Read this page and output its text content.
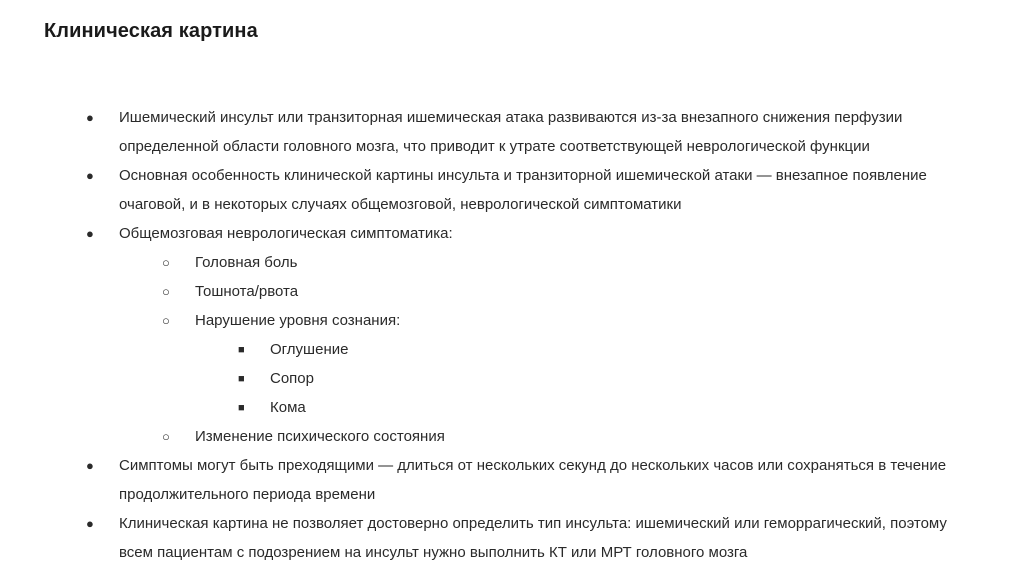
Клиническая картина
● Ишемический инсульт или транзиторная ишемическая атака развиваются из-за внезапного снижения перфузии
определенной области головного мозга, что приводит к утрате соответствующей неврологической функции
● Основная особенность клинической картины инсульта и транзиторной ишемической атаки — внезапное появление
очаговой, и в некоторых случаях общемозговой, неврологической симптоматики
● Общемозговая неврологическая симптоматика:
○ Головная боль
○ Тошнота/рвота
○ Нарушение уровня сознания:
■ Оглушение
■ Сопор
■ Кома
○ Изменение психического состояния
● Симптомы могут быть преходящими — длиться от нескольких секунд до нескольких часов или сохраняться в течение
продолжительного периода времени
● Клиническая картина не позволяет достоверно определить тип инсульта: ишемический или геморрагический, поэтому
всем пациентам с подозрением на инсульт нужно выполнить КТ или МРТ головного мозга
